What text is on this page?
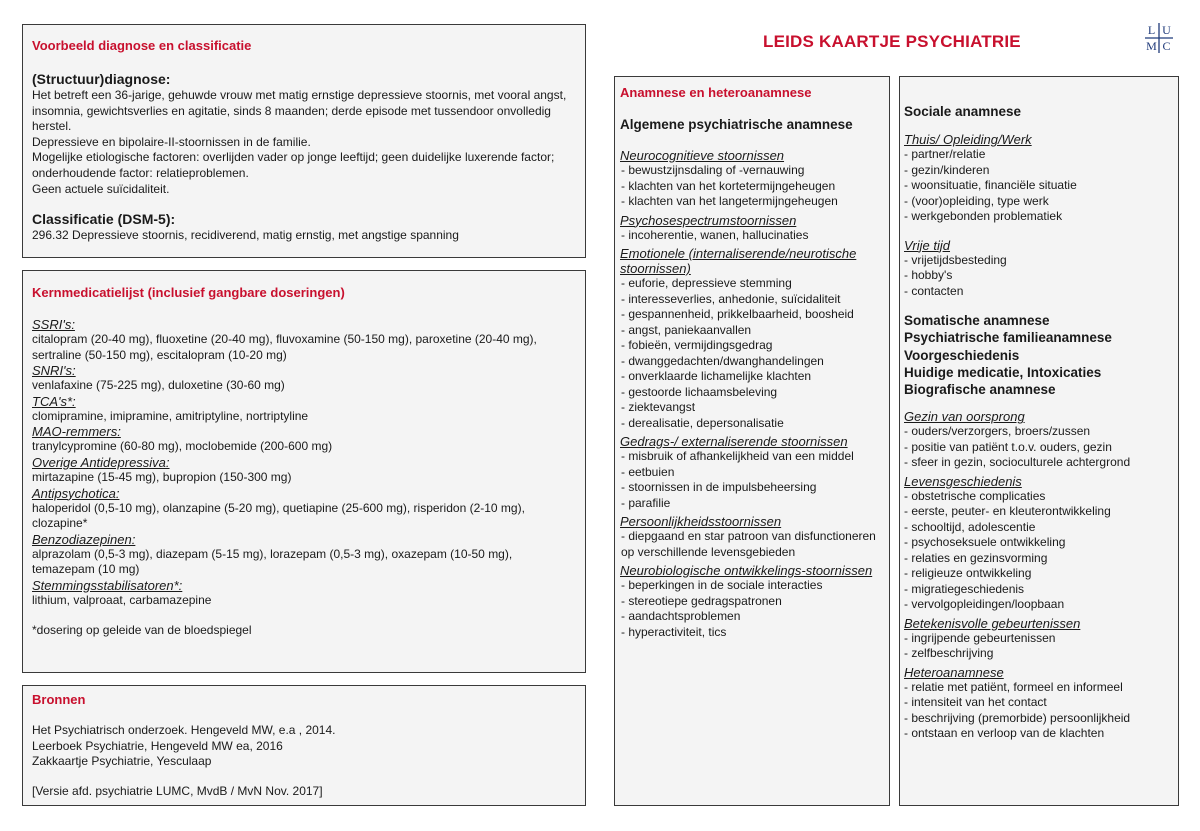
LEIDS KAARTJE PSYCHIATRIE
L U
M C
Voorbeeld diagnose en classificatie
(Structuur)diagnose:

Het betreft een 36-jarige, gehuwde vrouw met matig ernstige depressieve stoornis, met vooral angst, insomnia, gewichtsverlies en agitatie, sinds 8 maanden; derde episode met tussendoor onvolledig herstel.

Depressieve en bipolaire-II-stoornissen in de familie.

Mogelijke etiologische factoren: overlijden vader op jonge leeftijd; geen duidelijke luxerende factor; onderhoudende factor: relatieproblemen.

Geen actuele suïcidaliteit.

Classificatie (DSM-5):

296.32 Depressieve stoornis, recidiverend, matig ernstig, met angstige spanning

Kernmedicatielijst (inclusief gangbare doseringen)
SSRI's:

citalopram (20-40 mg), fluoxetine (20-40 mg), fluvoxamine (50-150 mg), paroxetine (20-40 mg), sertraline (50-150 mg), escitalopram (10-20 mg)

SNRI's:

venlafaxine (75-225 mg), duloxetine (30-60 mg)

TCA's*:

clomipramine, imipramine, amitriptyline, nortriptyline

MAO-remmers:

tranylcypromine (60-80 mg), moclobemide (200-600 mg)

Overige Antidepressiva:

mirtazapine (15-45 mg), bupropion (150-300 mg)

Antipsychotica:

haloperidol (0,5-10 mg), olanzapine (5-20 mg), quetiapine (25-600 mg), risperidon (2-10 mg), clozapine*

Benzodiazepinen:

alprazolam (0,5-3 mg), diazepam (5-15 mg), lorazepam (0,5-3 mg), oxazepam (10-50 mg), temazepam (10 mg)

Stemmingsstabilisatoren*:

lithium, valproaat, carbamazepine

*dosering op geleide van de bloedspiegel
Bronnen

Het Psychiatrisch onderzoek. Hengeveld MW, e.a , 2014.

Leerboek Psychiatrie, Hengeveld MW ea, 2016

Zakkaartje Psychiatrie, Yesculaap

[Versie afd. psychiatrie LUMC, MvdB / MvN Nov. 2017]

Anamnese en heteroanamnese
Algemene psychiatrische anamnese
Neurocognitieve stoornissen
- bewustzijnsdaling of -vernauwing
- klachten van het kortetermijngeheugen
- klachten van het langetermijngeheugen
Psychosespectrumstoornissen
- incoherentie, wanen, hallucinaties
Emotionele (internaliserende/neurotische stoornissen)
- euforie, depressieve stemming
- interesseverlies, anhedonie, suïcidaliteit
- gespannenheid, prikkelbaarheid, boosheid
- angst, paniekaanvallen
- fobieën, vermijdingsgedrag
- dwanggedachten/dwanghandelingen
- onverklaarde lichamelijke klachten
- gestoorde lichaamsbeleving
- ziektevangst
- derealisatie, depersonalisatie
Gedrags-/ externaliserende stoornissen
- misbruik of afhankelijkheid van een middel
- eetbuien
- stoornissen in de impulsbeheersing
- parafilie
Persoonlijkheidsstoornissen
- diepgaand en star patroon van disfunctioneren op verschillende levensgebieden
Neurobiologische ontwikkelings-stoornissen
- beperkingen in de sociale interacties
- stereotiepe gedragspatronen
- aandachtsproblemen
- hyperactiviteit, tics
Sociale anamnese
Thuis/ Opleiding/Werk
- partner/relatie
- gezin/kinderen
- woonsituatie, financiële situatie
- (voor)opleiding, type werk
- werkgebonden problematiek
Vrije tijd
- vrijetijdsbesteding
- hobby's
- contacten
Somatische anamnese
Psychiatrische familieanamnese
Voorgeschiedenis
Huidige medicatie, Intoxicaties
Biografische anamnese
Gezin van oorsprong
- ouders/verzorgers, broers/zussen
- positie van patiënt t.o.v. ouders, gezin
- sfeer in gezin, socioculturele achtergrond
Levensgeschiedenis
- obstetrische complicaties
- eerste, peuter- en kleuterontwikkeling
- schooltijd, adolescentie
- psychoseksuele ontwikkeling
- relaties en gezinsvorming
- religieuze ontwikkeling
- migratiegeschiedenis
- vervolgopleidingen/loopbaan
Betekenisvolle gebeurtenissen
- ingrijpende gebeurtenissen
- zelfbeschrijving
Heteroanamnese
- relatie met patiënt, formeel en informeel
- intensiteit van het contact
- beschrijving (premorbide) persoonlijkheid
- ontstaan en verloop van de klachten
